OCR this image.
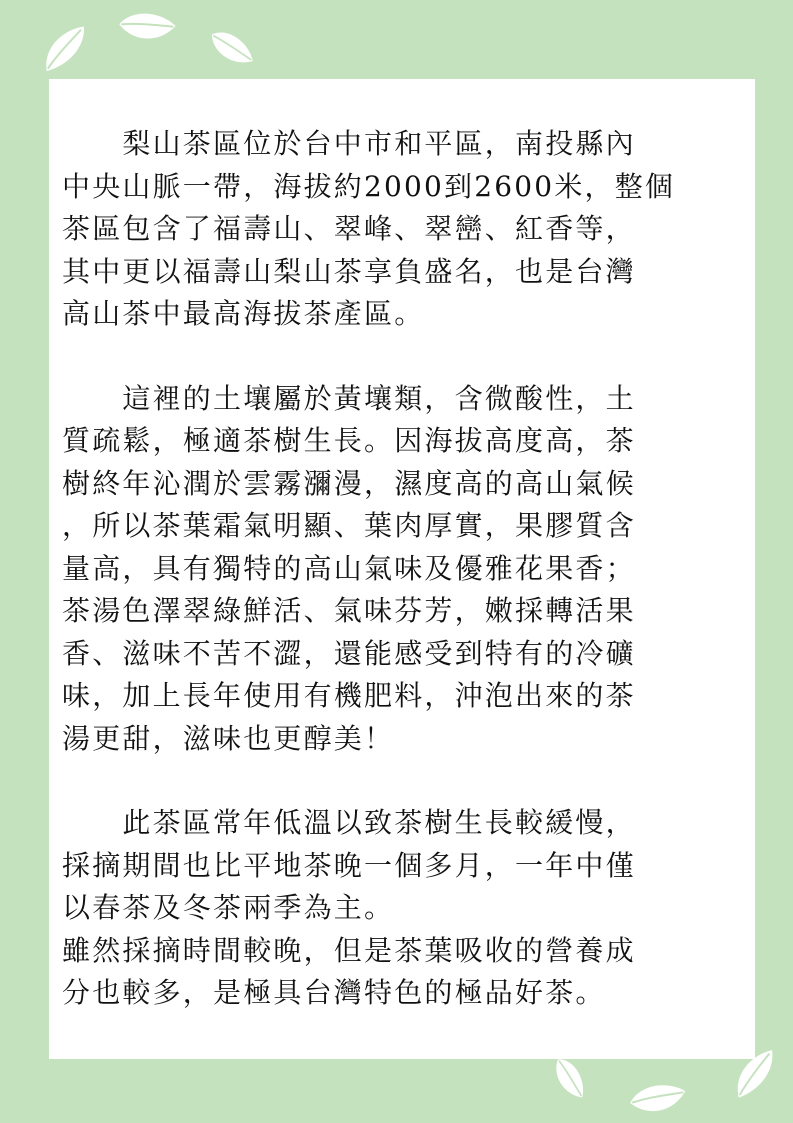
　　梨山茶區位於台中市和平區，南投縣內
中央山脈一帶，海拔約2000到2600米，整個
茶區包含了福壽山、翠峰、翠巒、紅香等，
其中更以福壽山梨山茶享負盛名，也是台灣
高山茶中最高海拔茶產區。

　　這裡的土壤屬於黃壤類，含微酸性，土
質疏鬆，極適茶樹生長。因海拔高度高，茶
樹終年沁潤於雲霧瀰漫，濕度高的高山氣候
，所以茶葉霜氣明顯、葉肉厚實，果膠質含
量高，具有獨特的高山氣味及優雅花果香；
茶湯色澤翠綠鮮活、氣味芬芳，嫩採轉活果
香、滋味不苦不澀，還能感受到特有的冷礦
味，加上長年使用有機肥料，沖泡出來的茶
湯更甜，滋味也更醇美！

　　此茶區常年低溫以致茶樹生長較緩慢，
採摘期間也比平地茶晚一個多月，一年中僅
以春茶及冬茶兩季為主。
雖然採摘時間較晚，但是茶葉吸收的營養成
分也較多，是極具台灣特色的極品好茶。
